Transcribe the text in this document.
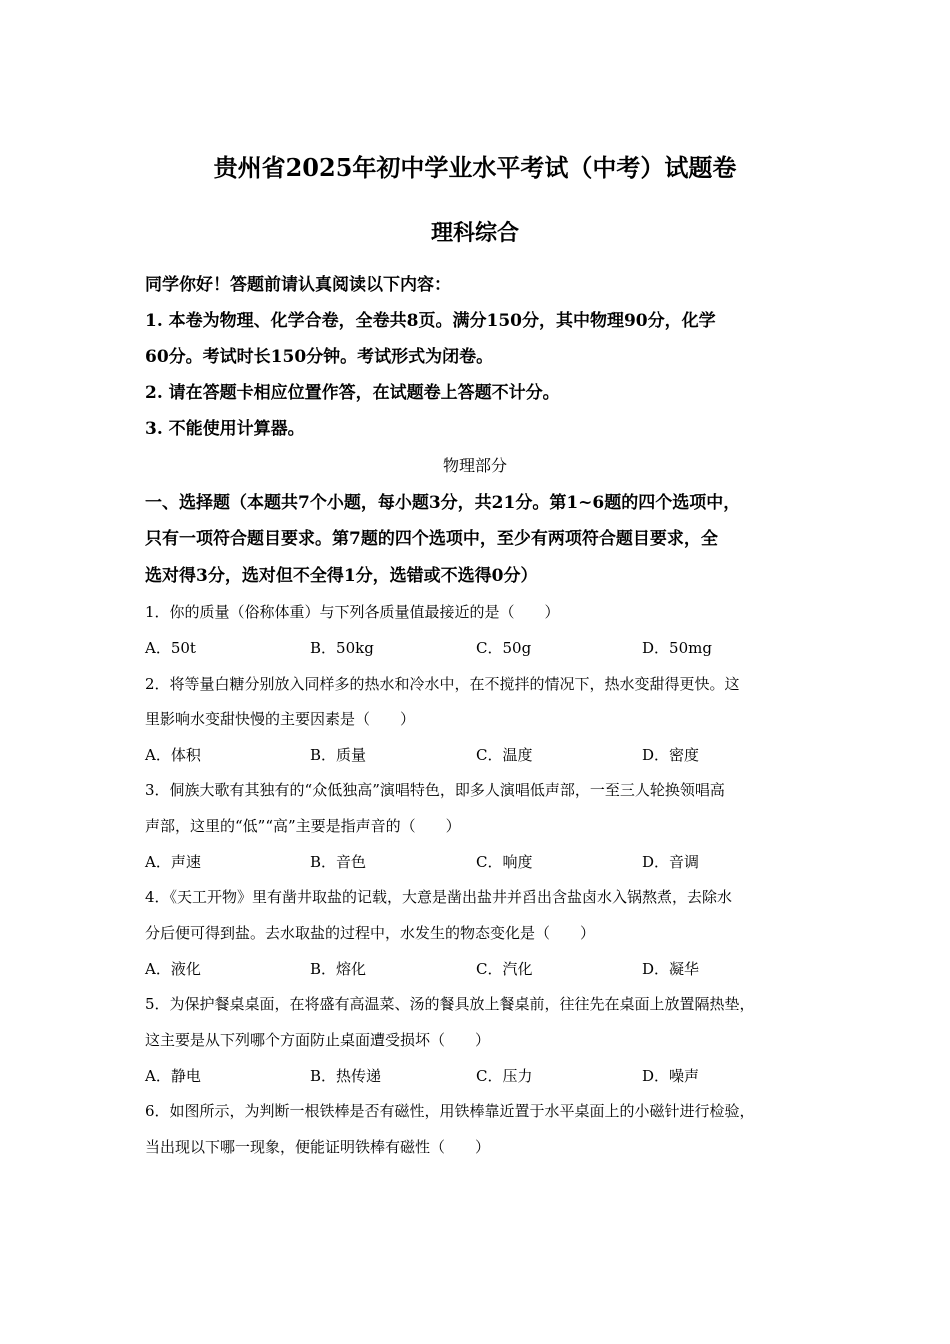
贵州省2025年初中学业水平考试（中考）试题卷
理科综合
同学你好！答题前请认真阅读以下内容：
1. 本卷为物理、化学合卷，全卷共8页。满分150分，其中物理90分，化学
60分。考试时长150分钟。考试形式为闭卷。
2. 请在答题卡相应位置作答，在试题卷上答题不计分。
3. 不能使用计算器。
物理部分
一、选择题（本题共7个小题，每小题3分，共21分。第1~6题的四个选项中，
只有一项符合题目要求。第7题的四个选项中，至少有两项符合题目要求，全
选对得3分，选对但不全得1分，选错或不选得0分）
1．你的质量（俗称体重）与下列各质量值最接近的是（　　）
A．50t	B．50kg	C．50g	D．50mg
2．将等量白糖分别放入同样多的热水和冷水中，在不搅拌的情况下，热水变甜得更快。这
里影响水变甜快慢的主要因素是（　　）
A．体积	B．质量	C．温度	D．密度
3．侗族大歌有其独有的“众低独高”演唱特色，即多人演唱低声部，一至三人轮换领唱高
声部，这里的“低”“高”主要是指声音的（　　）
A．声速	B．音色	C．响度	D．音调
4．《天工开物》里有凿井取盐的记载，大意是凿出盐井并舀出含盐卤水入锅熬煮，去除水
分后便可得到盐。去水取盐的过程中，水发生的物态变化是（　　）
A．液化	B．熔化	C．汽化	D．凝华
5．为保护餐桌桌面，在将盛有高温菜、汤的餐具放上餐桌前，往往先在桌面上放置隔热垫，
这主要是从下列哪个方面防止桌面遭受损坏（　　）
A．静电	B．热传递	C．压力	D．噪声
6．如图所示，为判断一根铁棒是否有磁性，用铁棒靠近置于水平桌面上的小磁针进行检验，
当出现以下哪一现象，便能证明铁棒有磁性（　　）
